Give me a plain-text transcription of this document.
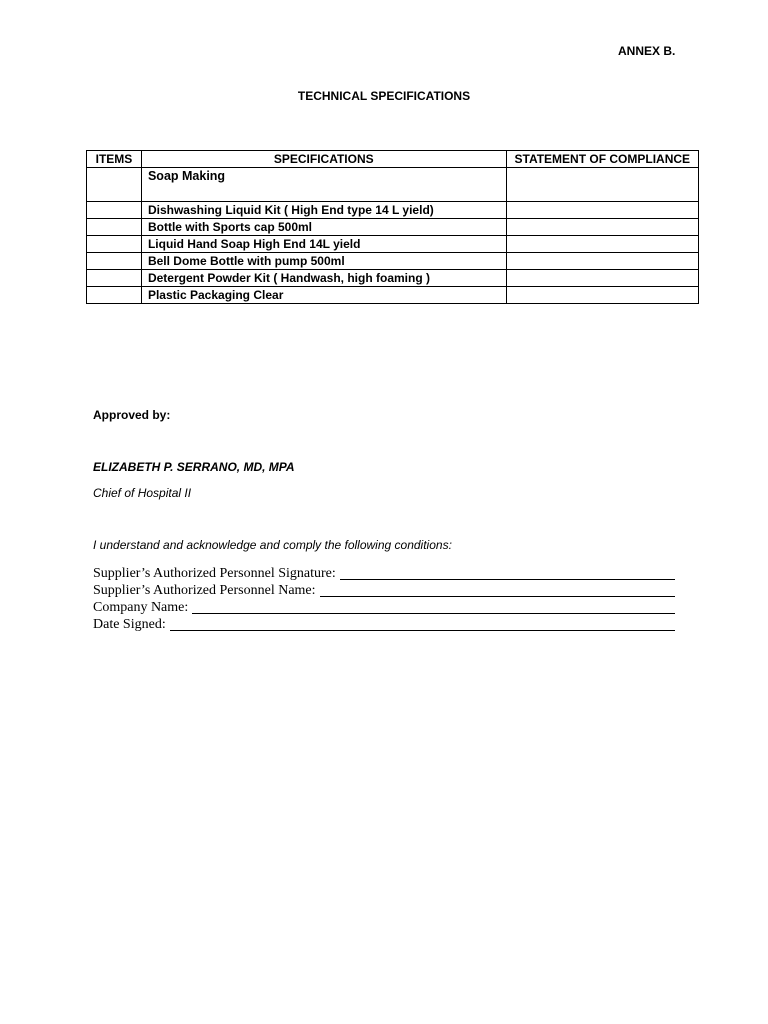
ANNEX B.
TECHNICAL SPECIFICATIONS
ITEMS	SPECIFICATIONS	STATEMENT OF COMPLIANCE
	Soap Making	
	Dishwashing Liquid Kit ( High End type 14 L yield)	
	Bottle with Sports cap 500ml	
	Liquid Hand Soap High End 14L yield	
	Bell Dome Bottle with pump 500ml	
	Detergent Powder Kit ( Handwash, high foaming )	
	Plastic Packaging Clear	
Approved by:
ELIZABETH P. SERRANO, MD, MPA
Chief of Hospital II
I understand and acknowledge and comply the following conditions:
Supplier’s Authorized Personnel Signature:
Supplier’s Authorized Personnel Name:
Company Name:
Date Signed:
